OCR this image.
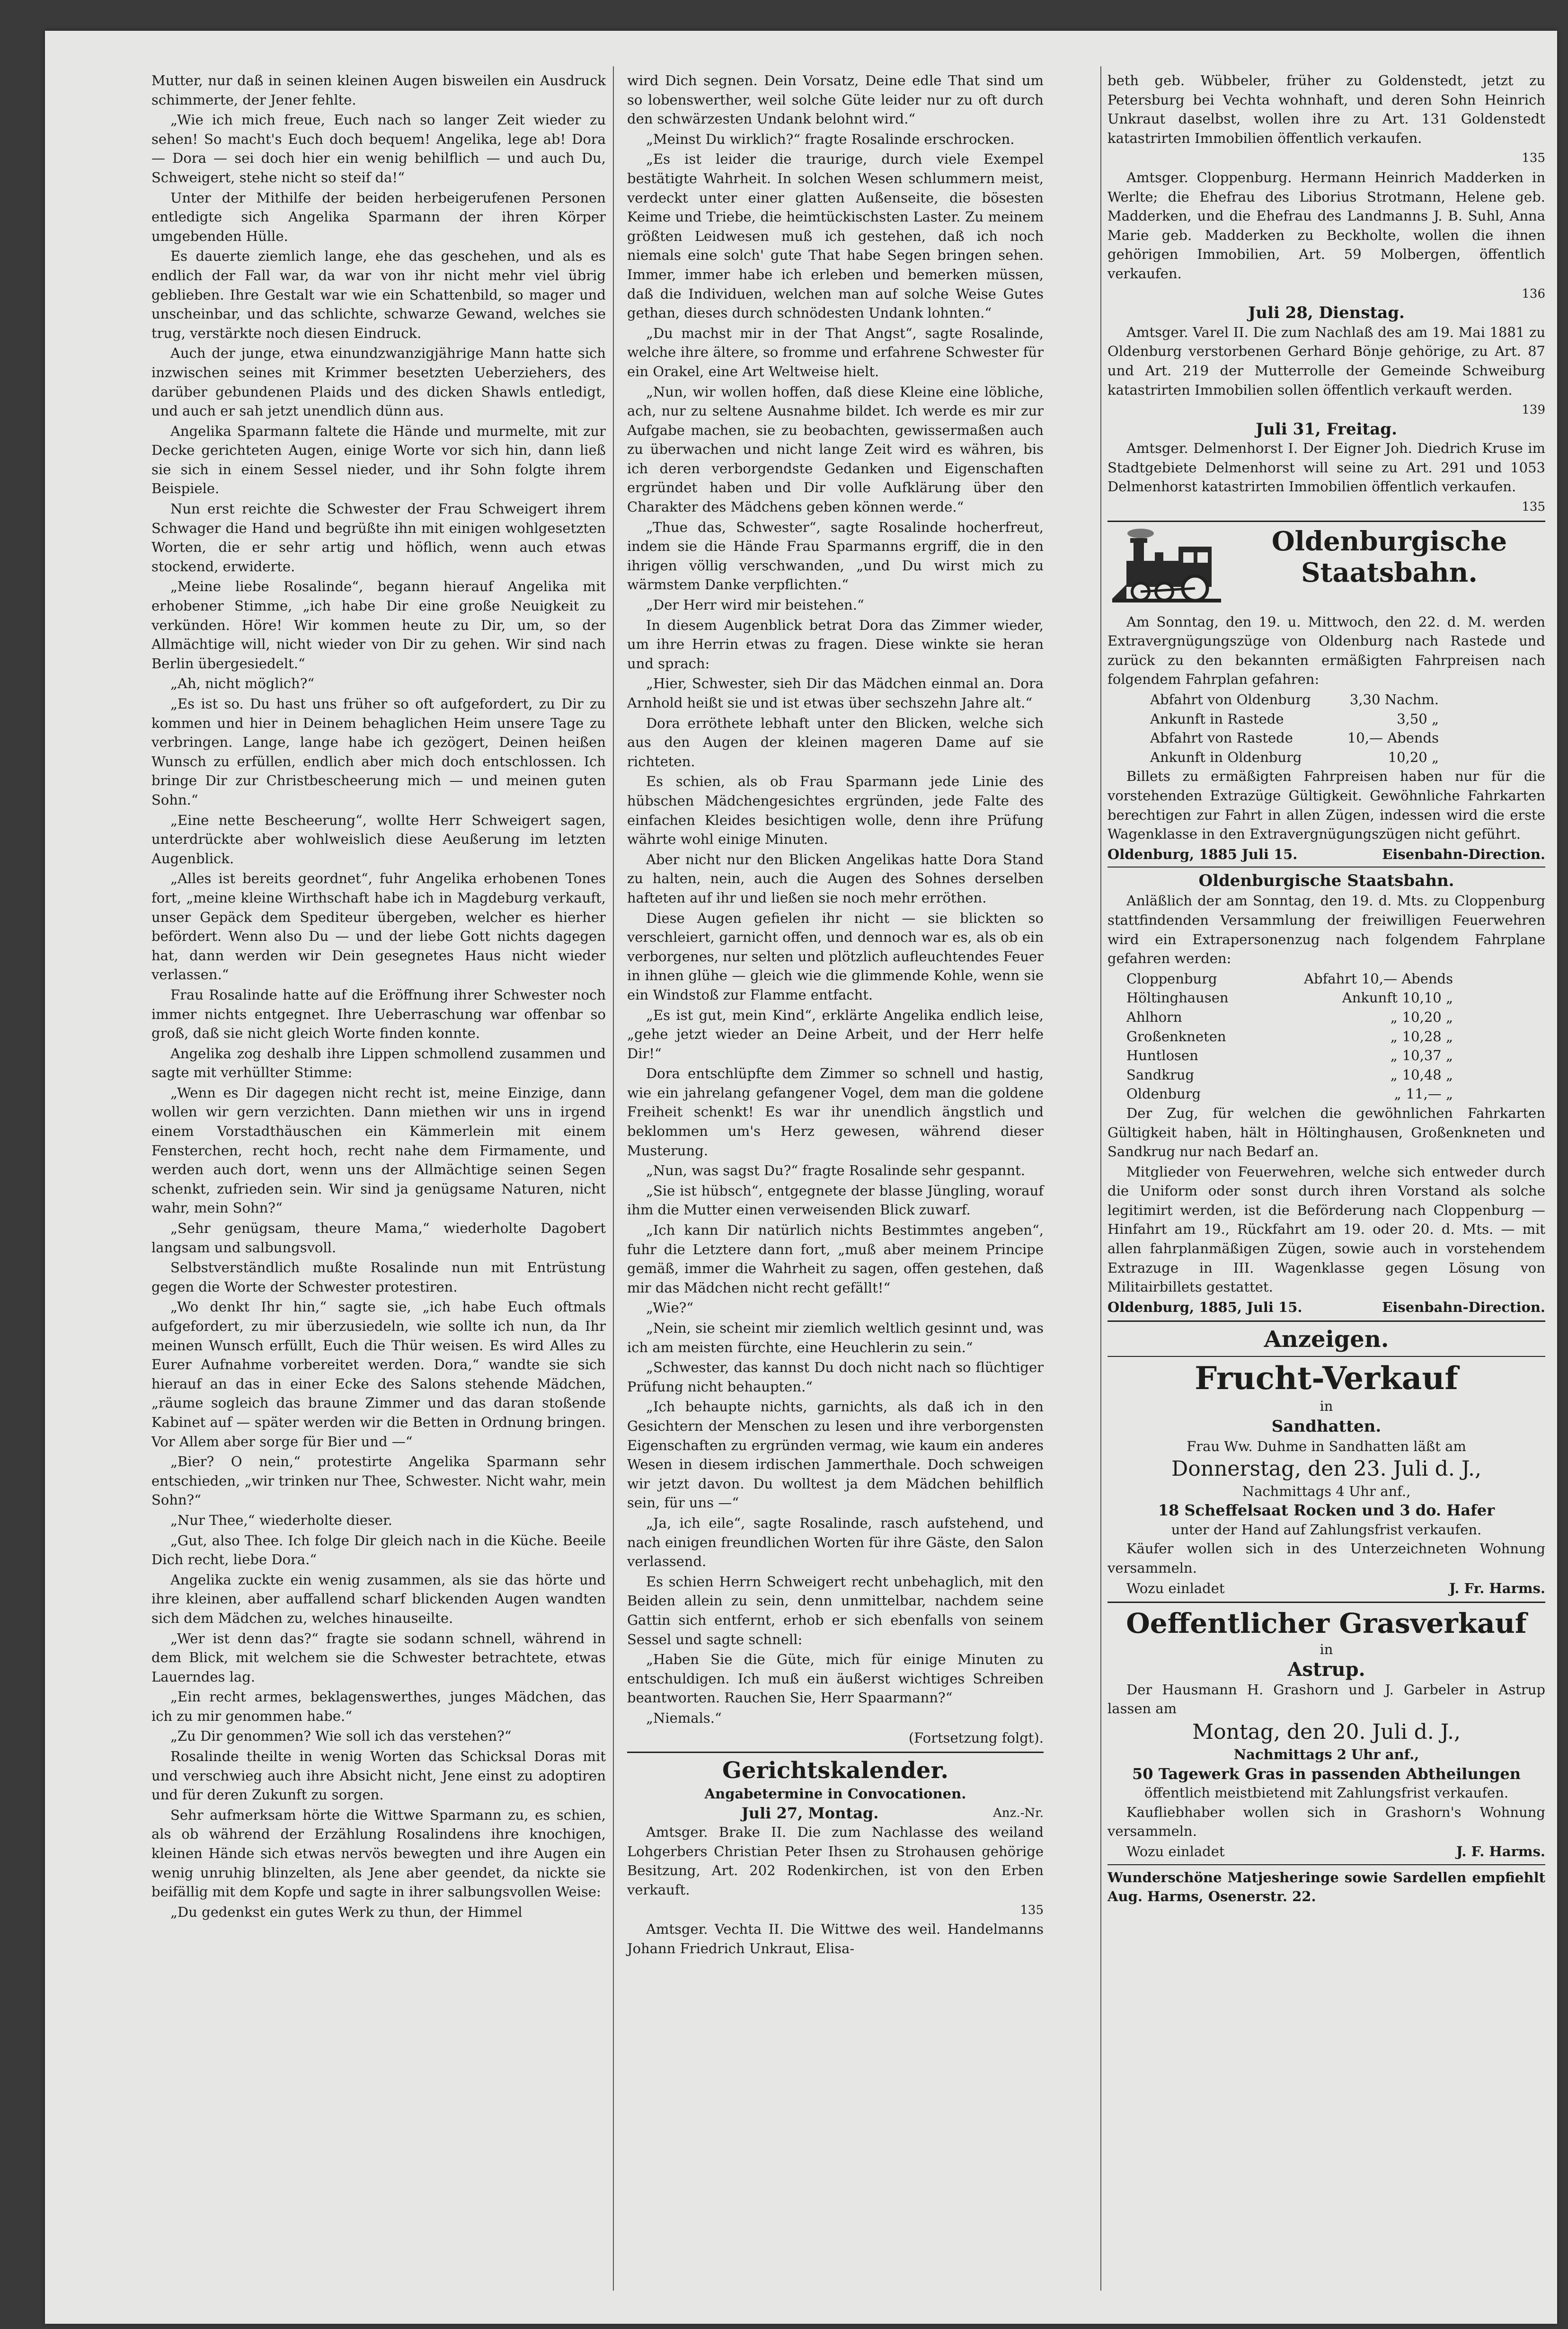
Mutter, nur daß in seinen kleinen Augen bisweilen ein Ausdruck schimmerte, der Jener fehlte.

„Wie ich mich freue, Euch nach so langer Zeit wieder zu sehen! So macht's Euch doch bequem! Angelika, lege ab! Dora — Dora — sei doch hier ein wenig behilflich — und auch Du, Schweigert, stehe nicht so steif da!“

Unter der Mithilfe der beiden herbeigerufenen Personen entledigte sich Angelika Sparmann der ihren Körper umgebenden Hülle.

Es dauerte ziemlich lange, ehe das geschehen, und als es endlich der Fall war, da war von ihr nicht mehr viel übrig geblieben. Ihre Gestalt war wie ein Schattenbild, so mager und unscheinbar, und das schlichte, schwarze Gewand, welches sie trug, verstärkte noch diesen Eindruck.

Auch der junge, etwa einundzwanzigjährige Mann hatte sich inzwischen seines mit Krimmer besetzten Ueberziehers, des darüber gebundenen Plaids und des dicken Shawls entledigt, und auch er sah jetzt unendlich dünn aus.

Angelika Sparmann faltete die Hände und murmelte, mit zur Decke gerichteten Augen, einige Worte vor sich hin, dann ließ sie sich in einem Sessel nieder, und ihr Sohn folgte ihrem Beispiele.

Nun erst reichte die Schwester der Frau Schweigert ihrem Schwager die Hand und begrüßte ihn mit einigen wohlgesetzten Worten, die er sehr artig und höflich, wenn auch etwas stockend, erwiderte.

„Meine liebe Rosalinde“, begann hierauf Angelika mit erhobener Stimme, „ich habe Dir eine große Neuigkeit zu verkünden. Höre! Wir kommen heute zu Dir, um, so der Allmächtige will, nicht wieder von Dir zu gehen. Wir sind nach Berlin übergesiedelt.“

„Ah, nicht möglich?“

„Es ist so. Du hast uns früher so oft aufgefordert, zu Dir zu kommen und hier in Deinem behaglichen Heim unsere Tage zu verbringen. Lange, lange habe ich gezögert, Deinen heißen Wunsch zu erfüllen, endlich aber mich doch entschlossen. Ich bringe Dir zur Christbescheerung mich — und meinen guten Sohn.“

„Eine nette Bescheerung“, wollte Herr Schweigert sagen, unterdrückte aber wohlweislich diese Aeußerung im letzten Augenblick.

„Alles ist bereits geordnet“, fuhr Angelika erhobenen Tones fort, „meine kleine Wirthschaft habe ich in Magdeburg verkauft, unser Gepäck dem Spediteur übergeben, welcher es hierher befördert. Wenn also Du — und der liebe Gott nichts dagegen hat, dann werden wir Dein gesegnetes Haus nicht wieder verlassen.“

Frau Rosalinde hatte auf die Eröffnung ihrer Schwester noch immer nichts entgegnet. Ihre Ueberraschung war offenbar so groß, daß sie nicht gleich Worte finden konnte.

Angelika zog deshalb ihre Lippen schmollend zusammen und sagte mit verhüllter Stimme:

„Wenn es Dir dagegen nicht recht ist, meine Einzige, dann wollen wir gern verzichten. Dann miethen wir uns in irgend einem Vorstadthäuschen ein Kämmerlein mit einem Fensterchen, recht hoch, recht nahe dem Firmamente, und werden auch dort, wenn uns der Allmächtige seinen Segen schenkt, zufrieden sein. Wir sind ja genügsame Naturen, nicht wahr, mein Sohn?“

„Sehr genügsam, theure Mama,“ wiederholte Dagobert langsam und salbungsvoll.

Selbstverständlich mußte Rosalinde nun mit Entrüstung gegen die Worte der Schwester protestiren.

„Wo denkt Ihr hin,“ sagte sie, „ich habe Euch oftmals aufgefordert, zu mir überzusiedeln, wie sollte ich nun, da Ihr meinen Wunsch erfüllt, Euch die Thür weisen. Es wird Alles zu Eurer Aufnahme vorbereitet werden. Dora,“ wandte sie sich hierauf an das in einer Ecke des Salons stehende Mädchen, „räume sogleich das braune Zimmer und das daran stoßende Kabinet auf — später werden wir die Betten in Ordnung bringen. Vor Allem aber sorge für Bier und —“

„Bier? O nein,“ protestirte Angelika Sparmann sehr entschieden, „wir trinken nur Thee, Schwester. Nicht wahr, mein Sohn?“

„Nur Thee,“ wiederholte dieser.

„Gut, also Thee. Ich folge Dir gleich nach in die Küche. Beeile Dich recht, liebe Dora.“

Angelika zuckte ein wenig zusammen, als sie das hörte und ihre kleinen, aber auffallend scharf blickenden Augen wandten sich dem Mädchen zu, welches hinauseilte.

„Wer ist denn das?“ fragte sie sodann schnell, während in dem Blick, mit welchem sie die Schwester betrachtete, etwas Lauerndes lag.

„Ein recht armes, beklagenswerthes, junges Mädchen, das ich zu mir genommen habe.“

„Zu Dir genommen? Wie soll ich das verstehen?“

Rosalinde theilte in wenig Worten das Schicksal Doras mit und verschwieg auch ihre Absicht nicht, Jene einst zu adoptiren und für deren Zukunft zu sorgen.

Sehr aufmerksam hörte die Wittwe Sparmann zu, es schien, als ob während der Erzählung Rosalindens ihre knochigen, kleinen Hände sich etwas nervös bewegten und ihre Augen ein wenig unruhig blinzelten, als Jene aber geendet, da nickte sie beifällig mit dem Kopfe und sagte in ihrer salbungsvollen Weise:

„Du gedenkst ein gutes Werk zu thun, der Himmel

wird Dich segnen. Dein Vorsatz, Deine edle That sind um so lobenswerther, weil solche Güte leider nur zu oft durch den schwärzesten Undank belohnt wird.“

„Meinst Du wirklich?“ fragte Rosalinde erschrocken.

„Es ist leider die traurige, durch viele Exempel bestätigte Wahrheit. In solchen Wesen schlummern meist, verdeckt unter einer glatten Außenseite, die bösesten Keime und Triebe, die heimtückischsten Laster. Zu meinem größten Leidwesen muß ich gestehen, daß ich noch niemals eine solch' gute That habe Segen bringen sehen. Immer, immer habe ich erleben und bemerken müssen, daß die Individuen, welchen man auf solche Weise Gutes gethan, dieses durch schnödesten Undank lohnten.“

„Du machst mir in der That Angst“, sagte Rosalinde, welche ihre ältere, so fromme und erfahrene Schwester für ein Orakel, eine Art Weltweise hielt.

„Nun, wir wollen hoffen, daß diese Kleine eine löbliche, ach, nur zu seltene Ausnahme bildet. Ich werde es mir zur Aufgabe machen, sie zu beobachten, gewissermaßen auch zu überwachen und nicht lange Zeit wird es währen, bis ich deren verborgendste Gedanken und Eigenschaften ergründet haben und Dir volle Aufklärung über den Charakter des Mädchens geben können werde.“

„Thue das, Schwester“, sagte Rosalinde hocherfreut, indem sie die Hände Frau Sparmanns ergriff, die in den ihrigen völlig verschwanden, „und Du wirst mich zu wärmstem Danke verpflichten.“

„Der Herr wird mir beistehen.“

In diesem Augenblick betrat Dora das Zimmer wieder, um ihre Herrin etwas zu fragen. Diese winkte sie heran und sprach:

„Hier, Schwester, sieh Dir das Mädchen einmal an. Dora Arnhold heißt sie und ist etwas über sechszehn Jahre alt.“

Dora erröthete lebhaft unter den Blicken, welche sich aus den Augen der kleinen mageren Dame auf sie richteten.

Es schien, als ob Frau Sparmann jede Linie des hübschen Mädchengesichtes ergründen, jede Falte des einfachen Kleides besichtigen wolle, denn ihre Prüfung währte wohl einige Minuten.

Aber nicht nur den Blicken Angelikas hatte Dora Stand zu halten, nein, auch die Augen des Sohnes derselben hafteten auf ihr und ließen sie noch mehr erröthen.

Diese Augen gefielen ihr nicht — sie blickten so verschleiert, garnicht offen, und dennoch war es, als ob ein verborgenes, nur selten und plötzlich aufleuchtendes Feuer in ihnen glühe — gleich wie die glimmende Kohle, wenn sie ein Windstoß zur Flamme entfacht.

„Es ist gut, mein Kind“, erklärte Angelika endlich leise, „gehe jetzt wieder an Deine Arbeit, und der Herr helfe Dir!“

Dora entschlüpfte dem Zimmer so schnell und hastig, wie ein jahrelang gefangener Vogel, dem man die goldene Freiheit schenkt! Es war ihr unendlich ängstlich und beklommen um's Herz gewesen, während dieser Musterung.

„Nun, was sagst Du?“ fragte Rosalinde sehr gespannt.

„Sie ist hübsch“, entgegnete der blasse Jüngling, worauf ihm die Mutter einen verweisenden Blick zuwarf.

„Ich kann Dir natürlich nichts Bestimmtes angeben“, fuhr die Letztere dann fort, „muß aber meinem Principe gemäß, immer die Wahrheit zu sagen, offen gestehen, daß mir das Mädchen nicht recht gefällt!“

„Wie?“

„Nein, sie scheint mir ziemlich weltlich gesinnt und, was ich am meisten fürchte, eine Heuchlerin zu sein.“

„Schwester, das kannst Du doch nicht nach so flüchtiger Prüfung nicht behaupten.“

„Ich behaupte nichts, garnichts, als daß ich in den Gesichtern der Menschen zu lesen und ihre verborgensten Eigenschaften zu ergründen vermag, wie kaum ein anderes Wesen in diesem irdischen Jammerthale. Doch schweigen wir jetzt davon. Du wolltest ja dem Mädchen behilflich sein, für uns —“

„Ja, ich eile“, sagte Rosalinde, rasch aufstehend, und nach einigen freundlichen Worten für ihre Gäste, den Salon verlassend.

Es schien Herrn Schweigert recht unbehaglich, mit den Beiden allein zu sein, denn unmittelbar, nachdem seine Gattin sich entfernt, erhob er sich ebenfalls von seinem Sessel und sagte schnell:

„Haben Sie die Güte, mich für einige Minuten zu entschuldigen. Ich muß ein äußerst wichtiges Schreiben beantworten. Rauchen Sie, Herr Spaarmann?“

„Niemals.“

(Fortsetzung folgt).
Gerichtskalender.
Angabetermine in Convocationen.
Juli 27, Montag.	Anz.-Nr.

Amtsger. Brake II. Die zum Nachlasse des weiland Lohgerbers Christian Peter Ihsen zu Strohausen gehörige Besitzung, Art. 202 Rodenkirchen, ist von den Erben verkauft.

135

Amtsger. Vechta II. Die Wittwe des weil. Handelmanns Johann Friedrich Unkraut, Elisa-

beth geb. Wübbeler, früher zu Goldenstedt, jetzt zu Petersburg bei Vechta wohnhaft, und deren Sohn Heinrich Unkraut daselbst, wollen ihre zu Art. 131 Goldenstedt katastrirten Immobilien öffentlich verkaufen.

135

Amtsger. Cloppenburg. Hermann Heinrich Madderken in Werlte; die Ehefrau des Liborius Strotmann, Helene geb. Madderken, und die Ehefrau des Landmanns J. B. Suhl, Anna Marie geb. Madderken zu Beckholte, wollen die ihnen gehörigen Immobilien, Art. 59 Molbergen, öffentlich verkaufen.

136
Juli 28, Dienstag.

Amtsger. Varel II. Die zum Nachlaß des am 19. Mai 1881 zu Oldenburg verstorbenen Gerhard Bönje gehörige, zu Art. 87 und Art. 219 der Mutterrolle der Gemeinde Schweiburg katastrirten Immobilien sollen öffentlich verkauft werden.

139
Juli 31, Freitag.

Amtsger. Delmenhorst I. Der Eigner Joh. Diedrich Kruse im Stadtgebiete Delmenhorst will seine zu Art. 291 und 1053 Delmenhorst katastrirten Immobilien öffentlich verkaufen.

135
Oldenburgische
Staatsbahn.

Am Sonntag, den 19. u. Mittwoch, den 22. d. M. werden Extravergnügungszüge von Oldenburg nach Rastede und zurück zu den bekannten ermäßigten Fahrpreisen nach folgendem Fahrplan gefahren:

Abfahrt von Oldenburg	3,30 Nachm.
Ankunft in Rastede	3,50 „
Abfahrt von Rastede	10,— Abends
Ankunft in Oldenburg	10,20 „

Billets zu ermäßigten Fahrpreisen haben nur für die vorstehenden Extrazüge Gültigkeit. Gewöhnliche Fahrkarten berechtigen zur Fahrt in allen Zügen, indessen wird die erste Wagenklasse in den Extravergnügungszügen nicht geführt.

Oldenburg, 1885 Juli 15.	Eisenbahn-Direction.
Oldenburgische Staatsbahn.

Anläßlich der am Sonntag, den 19. d. Mts. zu Cloppenburg stattfindenden Versammlung der freiwilligen Feuerwehren wird ein Extrapersonenzug nach folgendem Fahrplane gefahren werden:

Cloppenburg	Abfahrt 10,— Abends
Höltinghausen	Ankunft 10,10 „
Ahlhorn	„ 10,20 „
Großenkneten	„ 10,28 „
Huntlosen	„ 10,37 „
Sandkrug	„ 10,48 „
Oldenburg	„ 11,— „

Der Zug, für welchen die gewöhnlichen Fahrkarten Gültigkeit haben, hält in Höltinghausen, Großenkneten und Sandkrug nur nach Bedarf an.

Mitglieder von Feuerwehren, welche sich entweder durch die Uniform oder sonst durch ihren Vorstand als solche legitimirt werden, ist die Beförderung nach Cloppenburg — Hinfahrt am 19., Rückfahrt am 19. oder 20. d. Mts. — mit allen fahrplanmäßigen Zügen, sowie auch in vorstehendem Extrazuge in III. Wagenklasse gegen Lösung von Militairbillets gestattet.

Oldenburg, 1885, Juli 15.	Eisenbahn-Direction.
Anzeigen.
Frucht-Verkauf
in
Sandhatten.
Frau Ww. Duhme in Sandhatten läßt am
Donnerstag, den 23. Juli d. J.,
Nachmittags 4 Uhr anf.,
18 Scheffelsaat Rocken und 3 do. Hafer
unter der Hand auf Zahlungsfrist verkaufen.

Käufer wollen sich in des Unterzeichneten Wohnung versammeln.

Wozu einladet	J. Fr. Harms.
Oeffentlicher Grasverkauf
in
Astrup.

Der Hausmann H. Grashorn und J. Garbeler in Astrup lassen am

Montag, den 20. Juli d. J.,
Nachmittags 2 Uhr anf.,
50 Tagewerk Gras in passenden Abtheilungen
öffentlich meistbietend mit Zahlungsfrist verkaufen.

Kaufliebhaber wollen sich in Grashorn's Wohnung versammeln.

Wozu einladet	J. F. Harms.

Wunderschöne Matjesheringe sowie Sardellen empfiehlt Aug. Harms, Osenerstr. 22.
